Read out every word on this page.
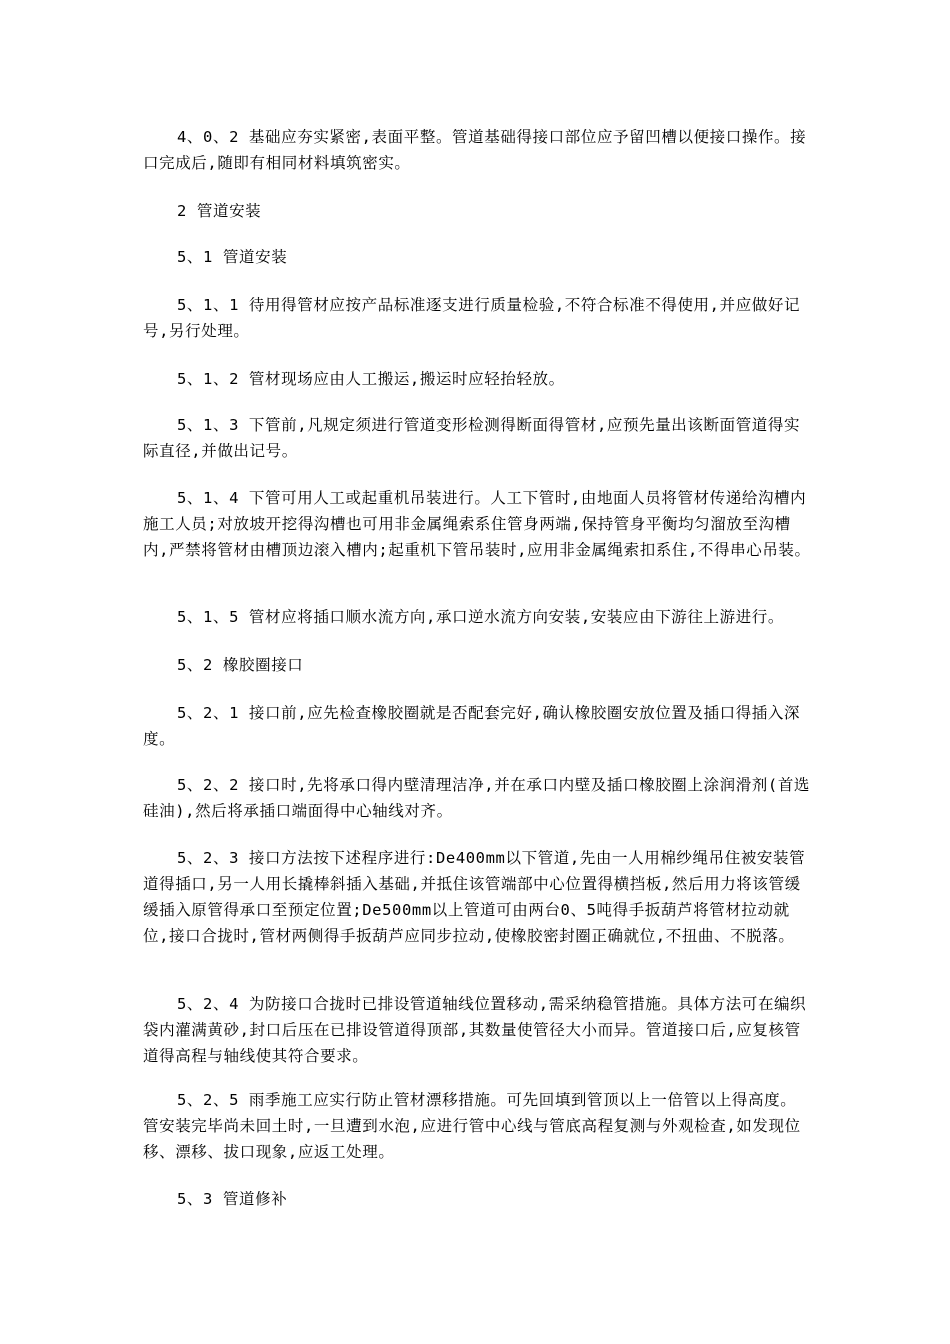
4、0、2 基础应夯实紧密,表面平整。管道基础得接口部位应予留凹槽以便接口操作。接口完成后,随即有相同材料填筑密实。

2 管道安装

5、1 管道安装

5、1、1 待用得管材应按产品标准逐支进行质量检验,不符合标准不得使用,并应做好记号,另行处理。

5、1、2 管材现场应由人工搬运,搬运时应轻抬轻放。

5、1、3 下管前,凡规定须进行管道变形检测得断面得管材,应预先量出该断面管道得实际直径,并做出记号。

5、1、4 下管可用人工或起重机吊装进行。人工下管时,由地面人员将管材传递给沟槽内施工人员;对放坡开挖得沟槽也可用非金属绳索系住管身两端,保持管身平衡均匀溜放至沟槽内,严禁将管材由槽顶边滚入槽内;起重机下管吊装时,应用非金属绳索扣系住,不得串心吊装。

5、1、5 管材应将插口顺水流方向,承口逆水流方向安装,安装应由下游往上游进行。

5、2 橡胶圈接口

5、2、1 接口前,应先检查橡胶圈就是否配套完好,确认橡胶圈安放位置及插口得插入深度。

5、2、2 接口时,先将承口得内壁清理洁净,并在承口内壁及插口橡胶圈上涂润滑剂(首选硅油),然后将承插口端面得中心轴线对齐。

5、2、3 接口方法按下述程序进行:De400mm以下管道,先由一人用棉纱绳吊住被安装管道得插口,另一人用长撬棒斜插入基础,并抵住该管端部中心位置得横挡板,然后用力将该管缓缓插入原管得承口至预定位置;De500mm以上管道可由两台0、5吨得手扳葫芦将管材拉动就位,接口合拢时,管材两侧得手扳葫芦应同步拉动,使橡胶密封圈正确就位,不扭曲、不脱落。

5、2、4 为防接口合拢时已排设管道轴线位置移动,需采纳稳管措施。具体方法可在编织袋内灌满黄砂,封口后压在已排设管道得顶部,其数量使管径大小而异。管道接口后,应复核管道得高程与轴线使其符合要求。

5、2、5 雨季施工应实行防止管材漂移措施。可先回填到管顶以上一倍管以上得高度。管安装完毕尚未回土时,一旦遭到水泡,应进行管中心线与管底高程复测与外观检查,如发现位移、漂移、拔口现象,应返工处理。

5、3 管道修补
